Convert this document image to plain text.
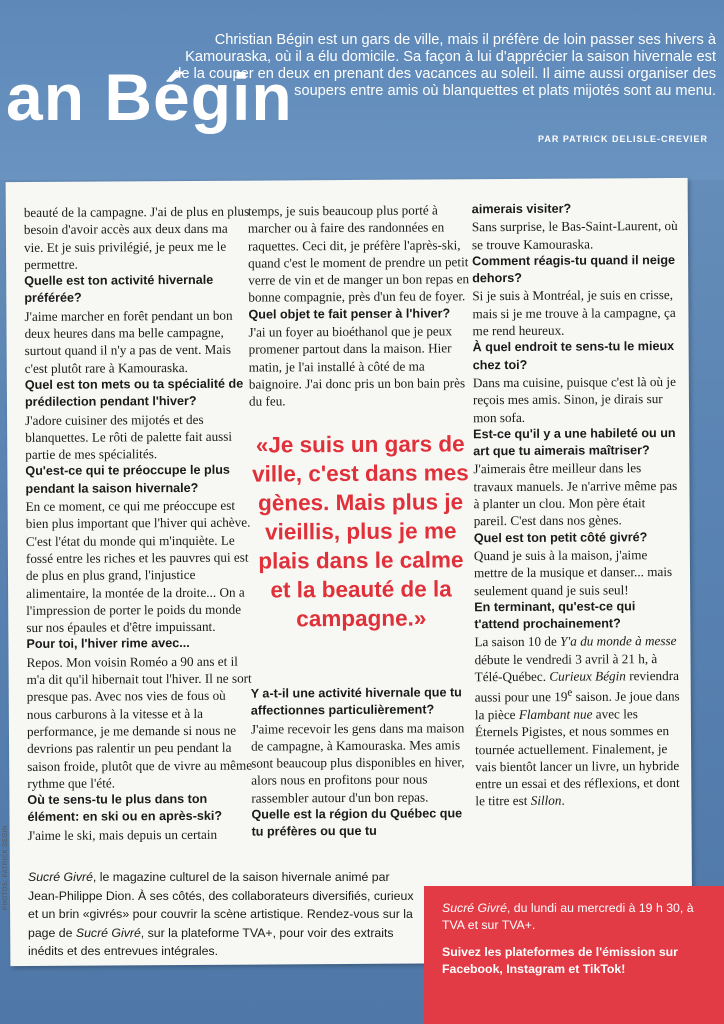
an Bégin
Christian Bégin est un gars de ville, mais il préfère de loin passer ses hivers à Kamouraska, où il a élu domicile. Sa façon à lui d'apprécier la saison hivernale est de la couper en deux en prenant des vacances au soleil. Il aime aussi organiser des soupers entre amis où blanquettes et plats mijotés sont au menu.
PAR PATRICK DELISLE-CREVIER
beauté de la campagne. J'ai de plus en plus besoin d'avoir accès aux deux dans ma vie. Et je suis privilégié, je peux me le permettre.
Quelle est ton activité hivernale préférée?
J'aime marcher en forêt pendant un bon deux heures dans ma belle campagne, surtout quand il n'y a pas de vent. Mais c'est plutôt rare à Kamouraska.
Quel est ton mets ou ta spécialité de prédilection pendant l'hiver?
J'adore cuisiner des mijotés et des blanquettes. Le rôti de palette fait aussi partie de mes spécialités.
Qu'est-ce qui te préoccupe le plus pendant la saison hivernale?
En ce moment, ce qui me préoccupe est bien plus important que l'hiver qui achève. C'est l'état du monde qui m'inquiète. Le fossé entre les riches et les pauvres qui est de plus en plus grand, l'injustice alimentaire, la montée de la droite... On a l'impression de porter le poids du monde sur nos épaules et d'être impuissant.
Pour toi, l'hiver rime avec...
Repos. Mon voisin Roméo a 90 ans et il m'a dit qu'il hibernait tout l'hiver. Il ne sort presque pas. Avec nos vies de fous où nous carburons à la vitesse et à la performance, je me demande si nous ne devrions pas ralentir un peu pendant la saison froide, plutôt que de vivre au même rythme que l'été.
Où te sens-tu le plus dans ton élément: en ski ou en après-ski?
J'aime le ski, mais depuis un certain
temps, je suis beaucoup plus porté à marcher ou à faire des randonnées en raquettes. Ceci dit, je préfère l'après-ski, quand c'est le moment de prendre un petit verre de vin et de manger un bon repas en bonne compagnie, près d'un feu de foyer.
Quel objet te fait penser à l'hiver?
J'ai un foyer au bioéthanol que je peux promener partout dans la maison. Hier matin, je l'ai installé à côté de ma baignoire. J'ai donc pris un bon bain près du feu.
«Je suis un gars de ville, c'est dans mes gènes. Mais plus je vieillis, plus je me plais dans le calme et la beauté de la campagne.»
Y a-t-il une activité hivernale que tu affectionnes particulièrement?
J'aime recevoir les gens dans ma maison de campagne, à Kamouraska. Mes amis sont beaucoup plus disponibles en hiver, alors nous en profitons pour nous rassembler autour d'un bon repas.
Quelle est la région du Québec que tu préfères ou que tu
aimerais visiter?
Sans surprise, le Bas-Saint-Laurent, où se trouve Kamouraska.
Comment réagis-tu quand il neige dehors?
Si je suis à Montréal, je suis en crisse, mais si je me trouve à la campagne, ça me rend heureux.
À quel endroit te sens-tu le mieux chez toi?
Dans ma cuisine, puisque c'est là où je reçois mes amis. Sinon, je dirais sur mon sofa.
Est-ce qu'il y a une habileté ou un art que tu aimerais maîtriser?
J'aimerais être meilleur dans les travaux manuels. Je n'arrive même pas à planter un clou. Mon père était pareil. C'est dans nos gènes.
Quel est ton petit côté givré?
Quand je suis à la maison, j'aime mettre de la musique et danser... mais seulement quand je suis seul!
En terminant, qu'est-ce qui t'attend prochainement?
La saison 10 de Y'a du monde à messe débute le vendredi 3 avril à 21 h, à Télé-Québec. Curieux Bégin reviendra aussi pour une 19e saison. Je joue dans la pièce Flambant nue avec les Éternels Pigistes, et nous sommes en tournée actuellement. Finalement, je vais bientôt lancer un livre, un hybride entre un essai et des réflexions, et dont le titre est Sillon.
PHOTOS: PATRICK DEGIN Sucré Givré, le magazine culturel de la saison hivernale animé par Jean-Philippe Dion. À ses côtés, des collaborateurs diversifiés, curieux et un brin «givrés» pour couvrir la scène artistique. Rendez-vous sur la page de Sucré Givré, sur la plateforme TVA+, pour voir des extraits inédits et des entrevues intégrales.
Sucré Givré, du lundi au mercredi à 19 h 30, à TVA et sur TVA+.
Suivez les plateformes de l'émission sur Facebook, Instagram et TikTok!
